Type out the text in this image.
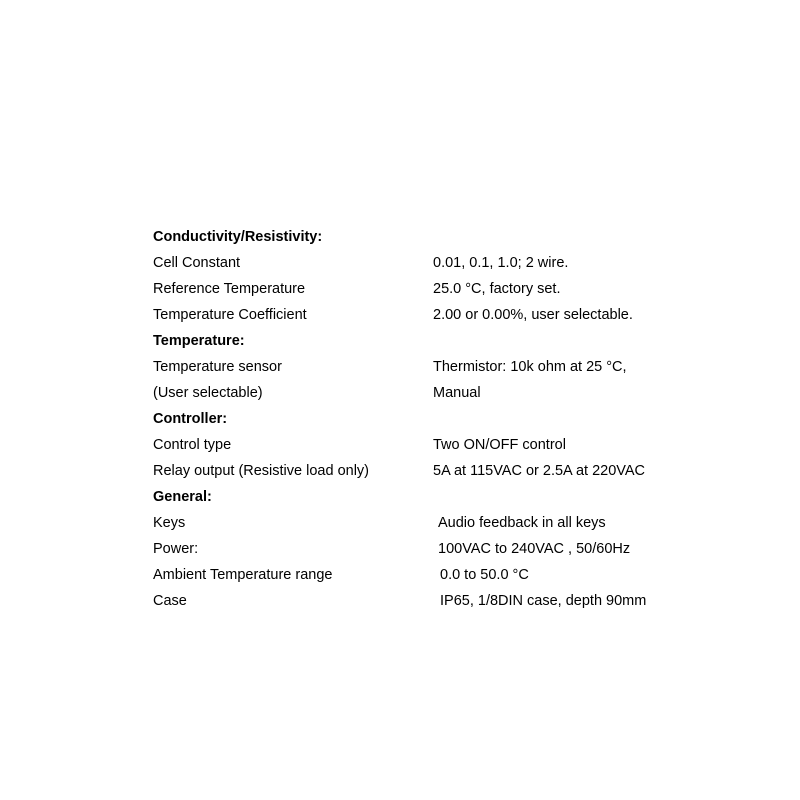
Conductivity/Resistivity:
Cell Constant	0.01, 0.1, 1.0; 2 wire.
Reference Temperature	25.0 °C, factory set.
Temperature Coefficient	2.00 or 0.00%, user selectable.
Temperature:
Temperature sensor	Thermistor: 10k ohm at 25 °C,
(User selectable)	Manual
Controller:
Control type	Two ON/OFF control
Relay output (Resistive load only)	5A at 115VAC or 2.5A at 220VAC
General:
Keys	Audio feedback in all keys
Power:	100VAC to 240VAC , 50/60Hz
Ambient Temperature range	0.0 to 50.0 °C
Case	IP65, 1/8DIN case, depth 90mm
